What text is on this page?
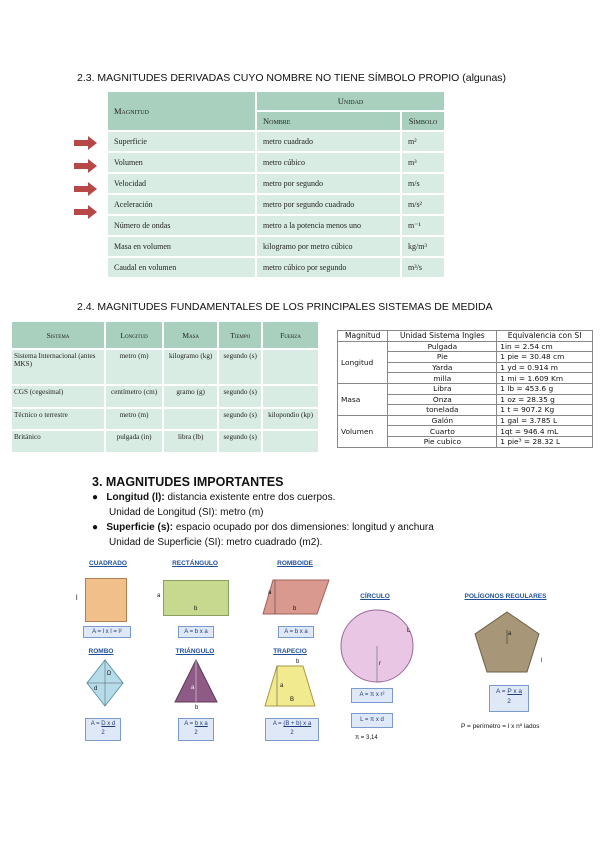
2.3. MAGNITUDES DERIVADAS CUYO NOMBRE NO TIENE SÍMBOLO PROPIO (algunas)
Magnitud	Unidad	
	Nombre	Símbolo
Superficie	metro cuadrado	m²
Volumen	metro cúbico	m³
Velocidad	metro por segundo	m/s
Aceleración	metro por segundo cuadrado	m/s²
Número de ondas	metro a la potencia menos uno	m⁻¹
Masa en volumen	kilogramo por metro cúbico	kg/m³
Caudal en volumen	metro cúbico por segundo	m³/s
2.4. MAGNITUDES FUNDAMENTALES DE LOS PRINCIPALES SISTEMAS DE MEDIDA
Sistema	Longitud	Masa	Tiempo	Fuerza
Sistema Internacional (antes MKS)	metro (m)	kilogramo (kg)	segundo (s)	
CGS (cegesimal)	centímetro (cm)	gramo (g)	segundo (s)	
Técnico o terrestre	metro (m)		segundo (s)	kilopondio (kp)
Británico	pulgada (in)	libra (lb)	segundo (s)	
Magnitud	Unidad Sistema Ingles	Equivalencia con SI
Longitud	Pulgada	1in = 2.54 cm
	Pie	1 pie = 30.48 cm
	Yarda	1 yd = 0.914 m
	milla	1 mi = 1.609 Km
Masa	Libra	1 lb = 453.6 g
	Onza	1 oz = 28.35 g
	tonelada	1 t = 907.2 Kg
Volumen	Galón	1 gal = 3.785 L
	Cuarto	1qt = 946.4 mL
	Pie cubico	1 pie³ = 28.32 L
3. MAGNITUDES IMPORTANTES
●   Longitud (l): distancia existente entre dos cuerpos.
Unidad de Longitud (SI): metro (m)
●   Superficie (s): espacio ocupado por dos dimensiones: longitud y anchura
Unidad de Superficie (SI): metro cuadrado (m2).
CUADRADO
l
A = l x l = l²
RECTÁNGULO
a
b
A = b x a
ROMBOIDE
a
b
A = b x a
CÍRCULO
r
L
A = π x r²
L = π x d
π = 3,14
POLÍGONOS REGULARES
a
l
A = P x a
2
P = perímetro = l x nº lados
ROMBO
D
d
A = D x d
2
TRIÁNGULO
a
b
A = b x a
2
TRAPECIO
b
a
B
A = (B + b) x a
2
